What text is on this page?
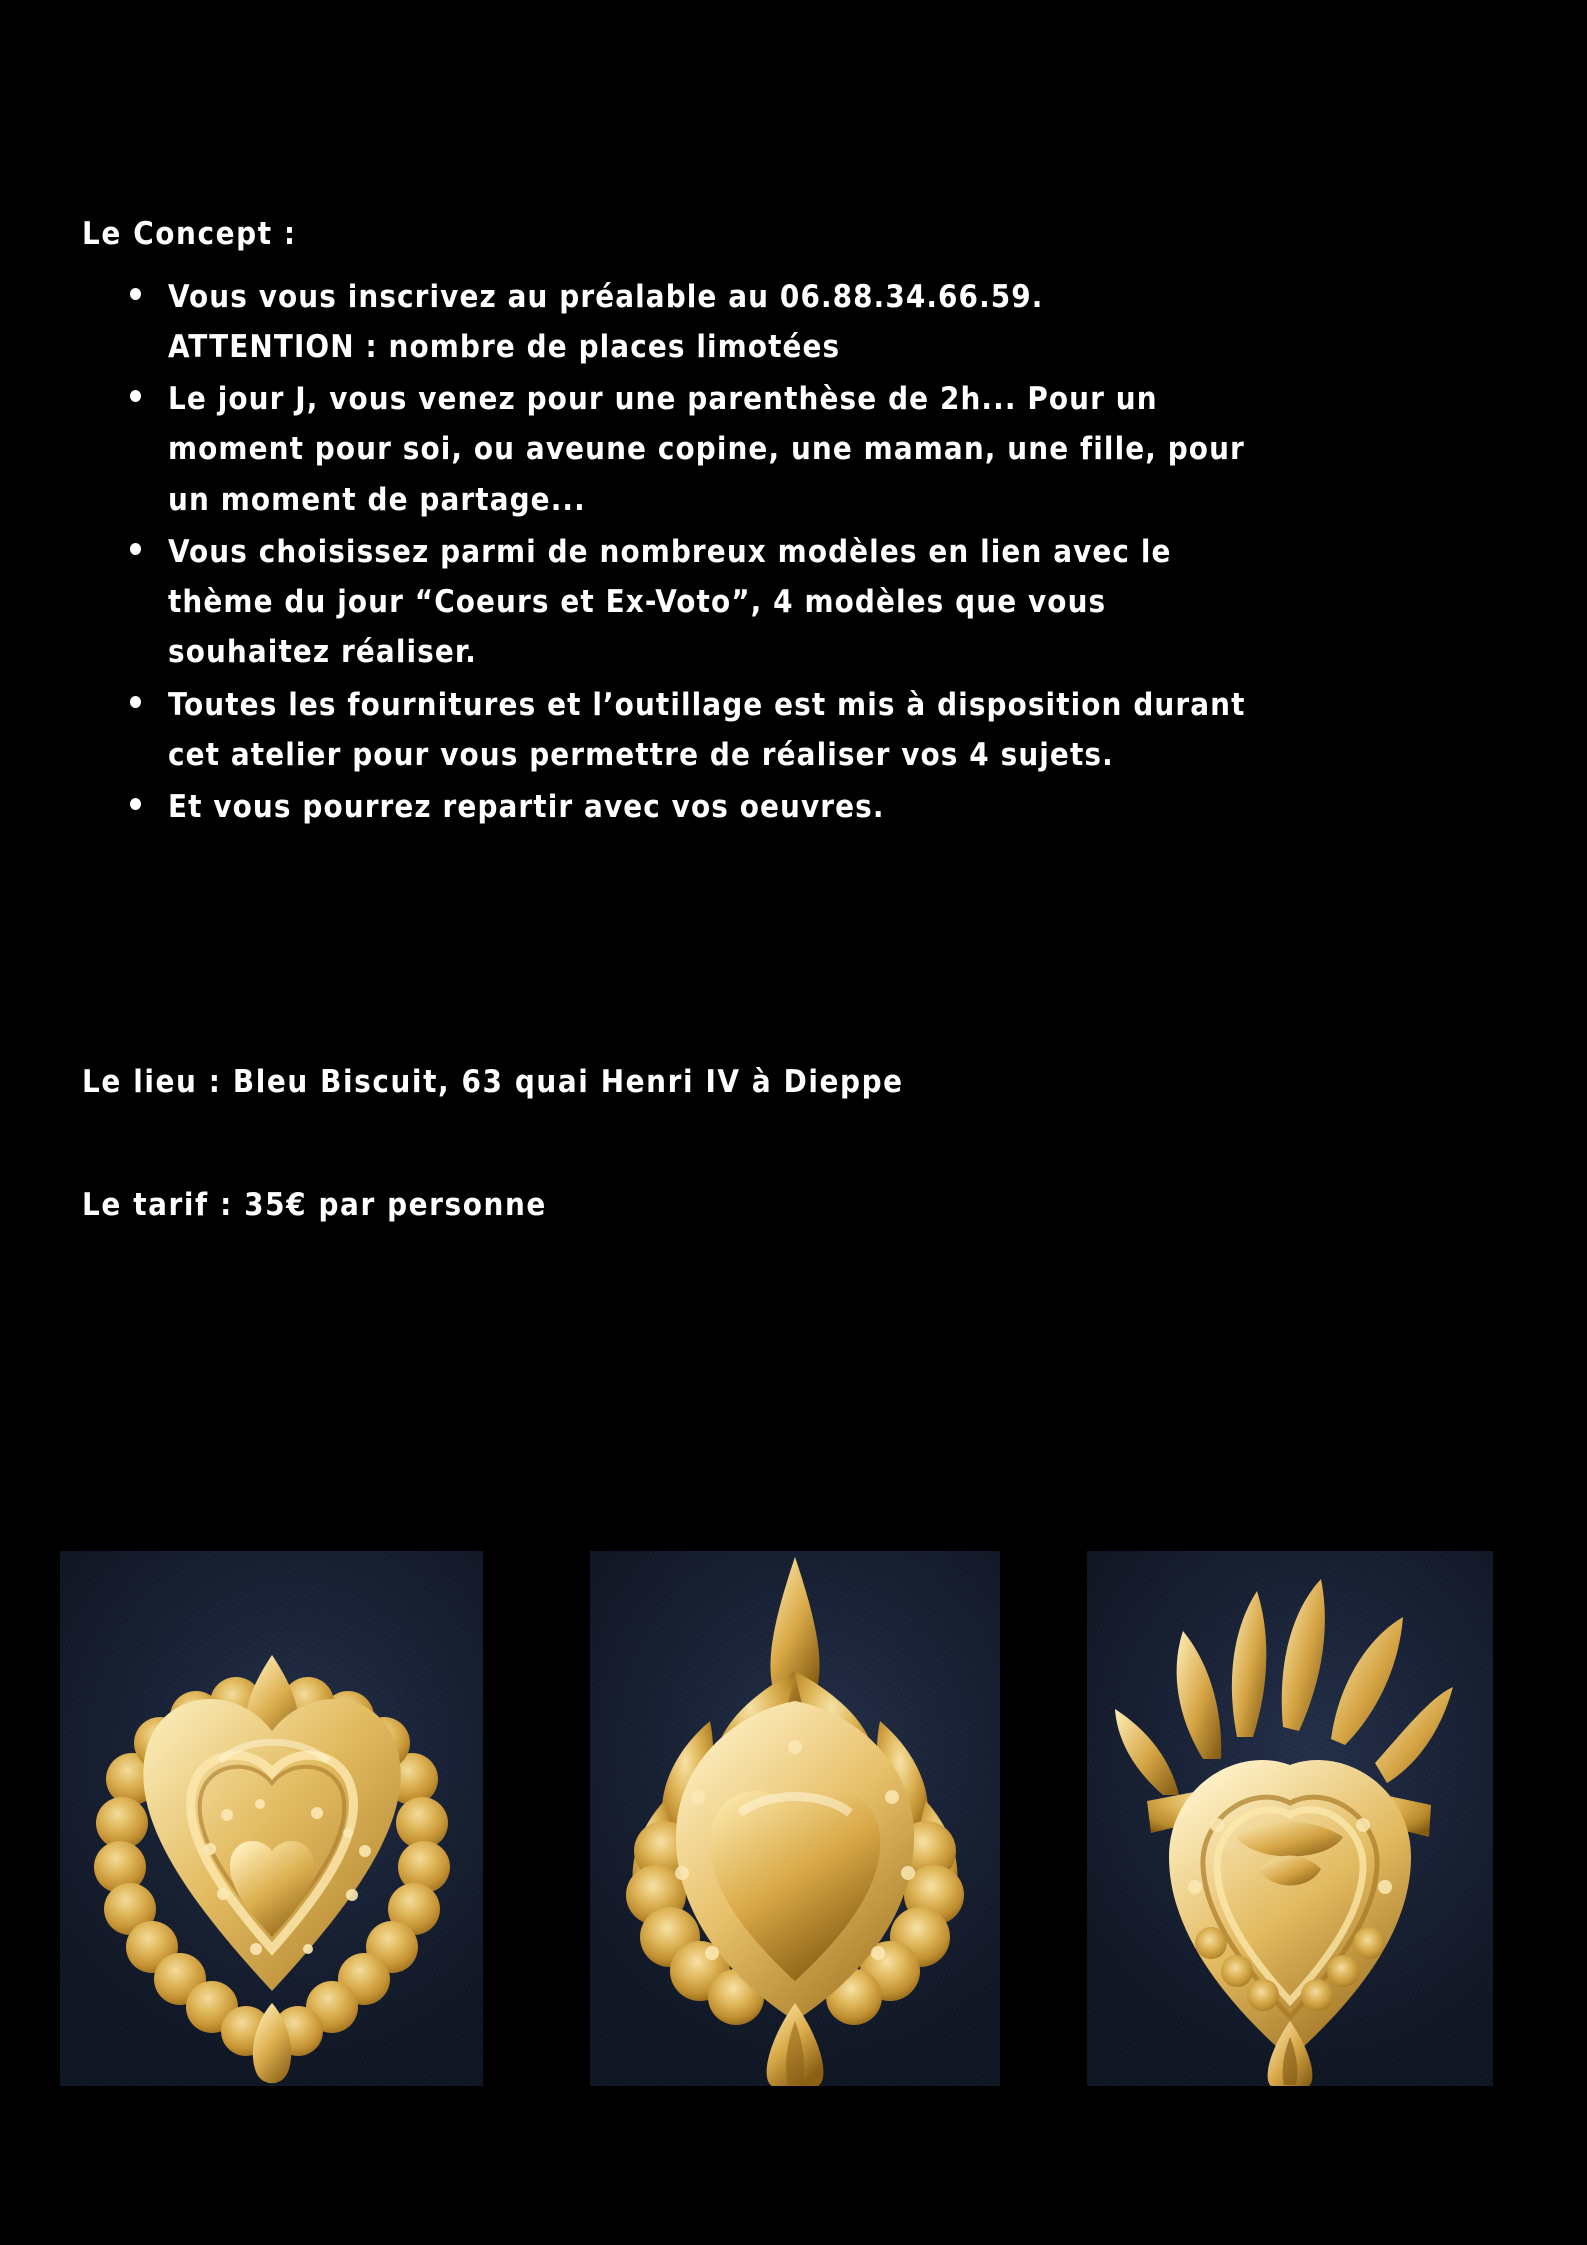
Le Concept :
Vous vous inscrivez au préalable au 06.88.34.66.59.
ATTENTION : nombre de places limotées
Le jour J, vous venez pour une parenthèse de 2h... Pour un
moment pour soi, ou aveune copine, une maman, une fille, pour
un moment de partage...
Vous choisissez parmi de nombreux modèles en lien avec le
thème du jour “Coeurs et Ex-Voto”, 4 modèles que vous
souhaitez réaliser.
Toutes les fournitures et l’outillage est mis à disposition durant
cet atelier pour vous permettre de réaliser vos 4 sujets.
Et vous pourrez repartir avec vos oeuvres.
Le lieu : Bleu Biscuit, 63 quai Henri IV à Dieppe
Le tarif : 35€ par personne
